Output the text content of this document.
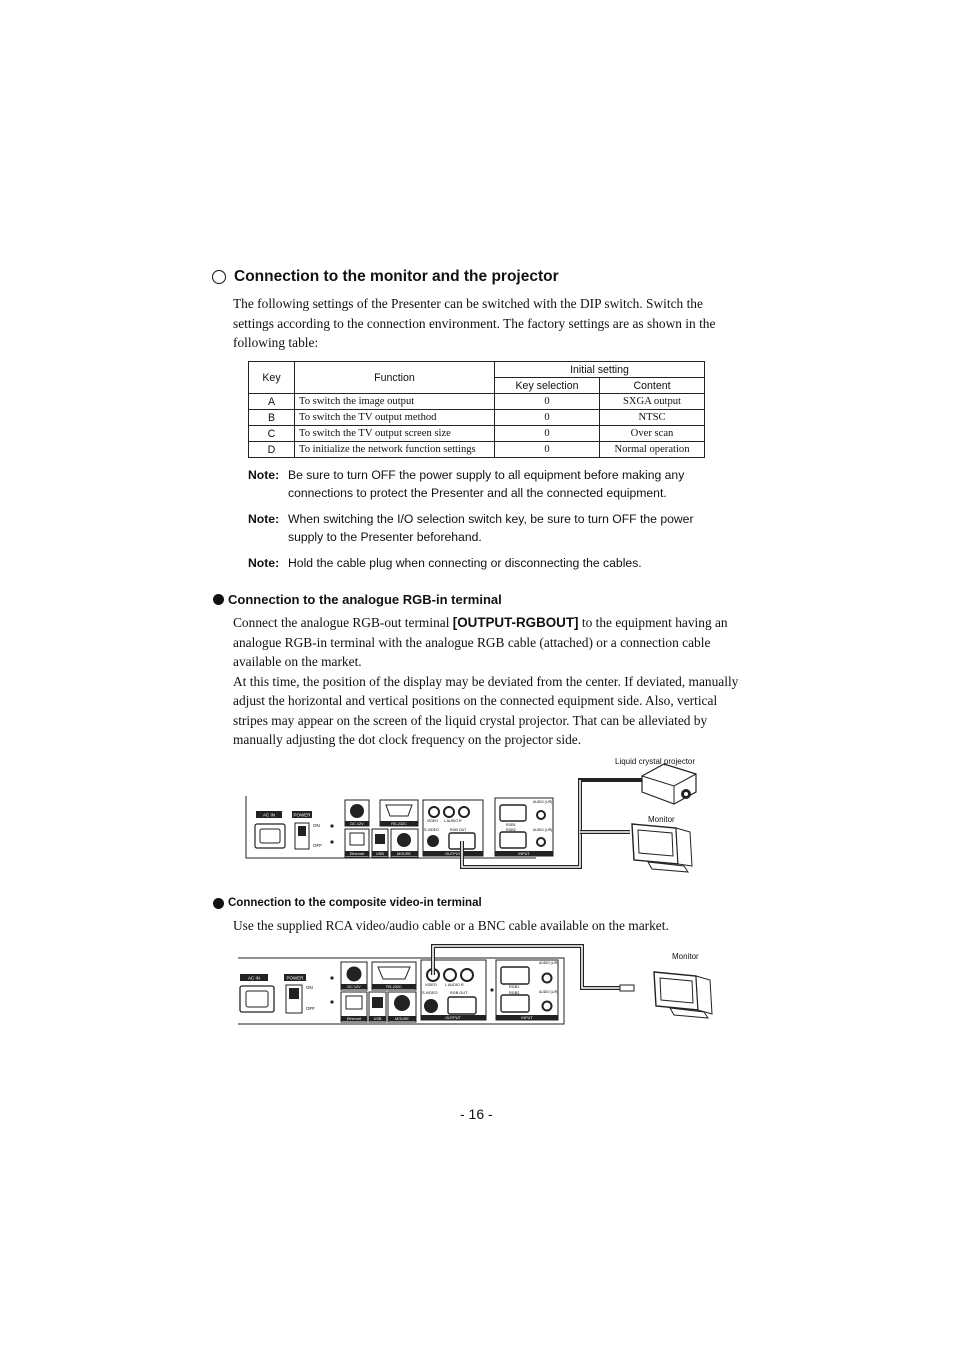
Connection to the monitor and the projector

The following settings of the Presenter can be switched with the DIP switch. Switch the settings according to the connection environment. The factory settings are as shown in the following table:

Key	Function	Initial setting	
		Key selection	Content
A	To switch the image output	0	SXGA output
B	To switch the TV output method	0	NTSC
C	To switch the TV output screen size	0	Over scan
D	To initialize the network function settings	0	Normal operation
Note: Be sure to turn OFF the power supply to all equipment before making any connections to protect the Presenter and all the connected equipment.
Note: When switching the I/O selection switch key, be sure to turn OFF the power supply to the Presenter beforehand.
Note: Hold the cable plug when connecting or disconnecting the cables.
Connection to the analogue RGB-in terminal

Connect the analogue RGB-out terminal [OUTPUT-RGBOUT] to the equipment having an analogue RGB-in terminal with the analogue RGB cable (attached) or a connection cable available on the market.

At this time, the position of the display may be deviated from the center. If deviated, manually adjust the horizontal and vertical positions on the connected equipment side. Also, vertical stripes may appear on the screen of the liquid crystal projector. That can be alleviated by manually adjusting the dot clock frequency on the projector side.

AC IN	POWER
ON
OFF
DC 12V	RS-232C
Ethernet	USB	MOUSE
VIDEO L AUDIO R
S-VIDEO	RGB OUT
OUTPUT
RGB1
RGB2
AUDIO (L/R)
AUDIO (L/R)
INPUT
Liquid crystal projector
Monitor
Connection to the composite video-in terminal

Use the supplied RCA video/audio cable or a BNC cable available on the market.

AC IN	POWER
ON
OFF
DC 12V	RS-232C
Ethernet	USB	MOUSE
VIDEO L AUDIO R
S-VIDEO	RGB OUT
OUTPUT
RGB1
RGB2
AUDIO (L/R)
AUDIO (L/R)
INPUT
Monitor
- 16 -
